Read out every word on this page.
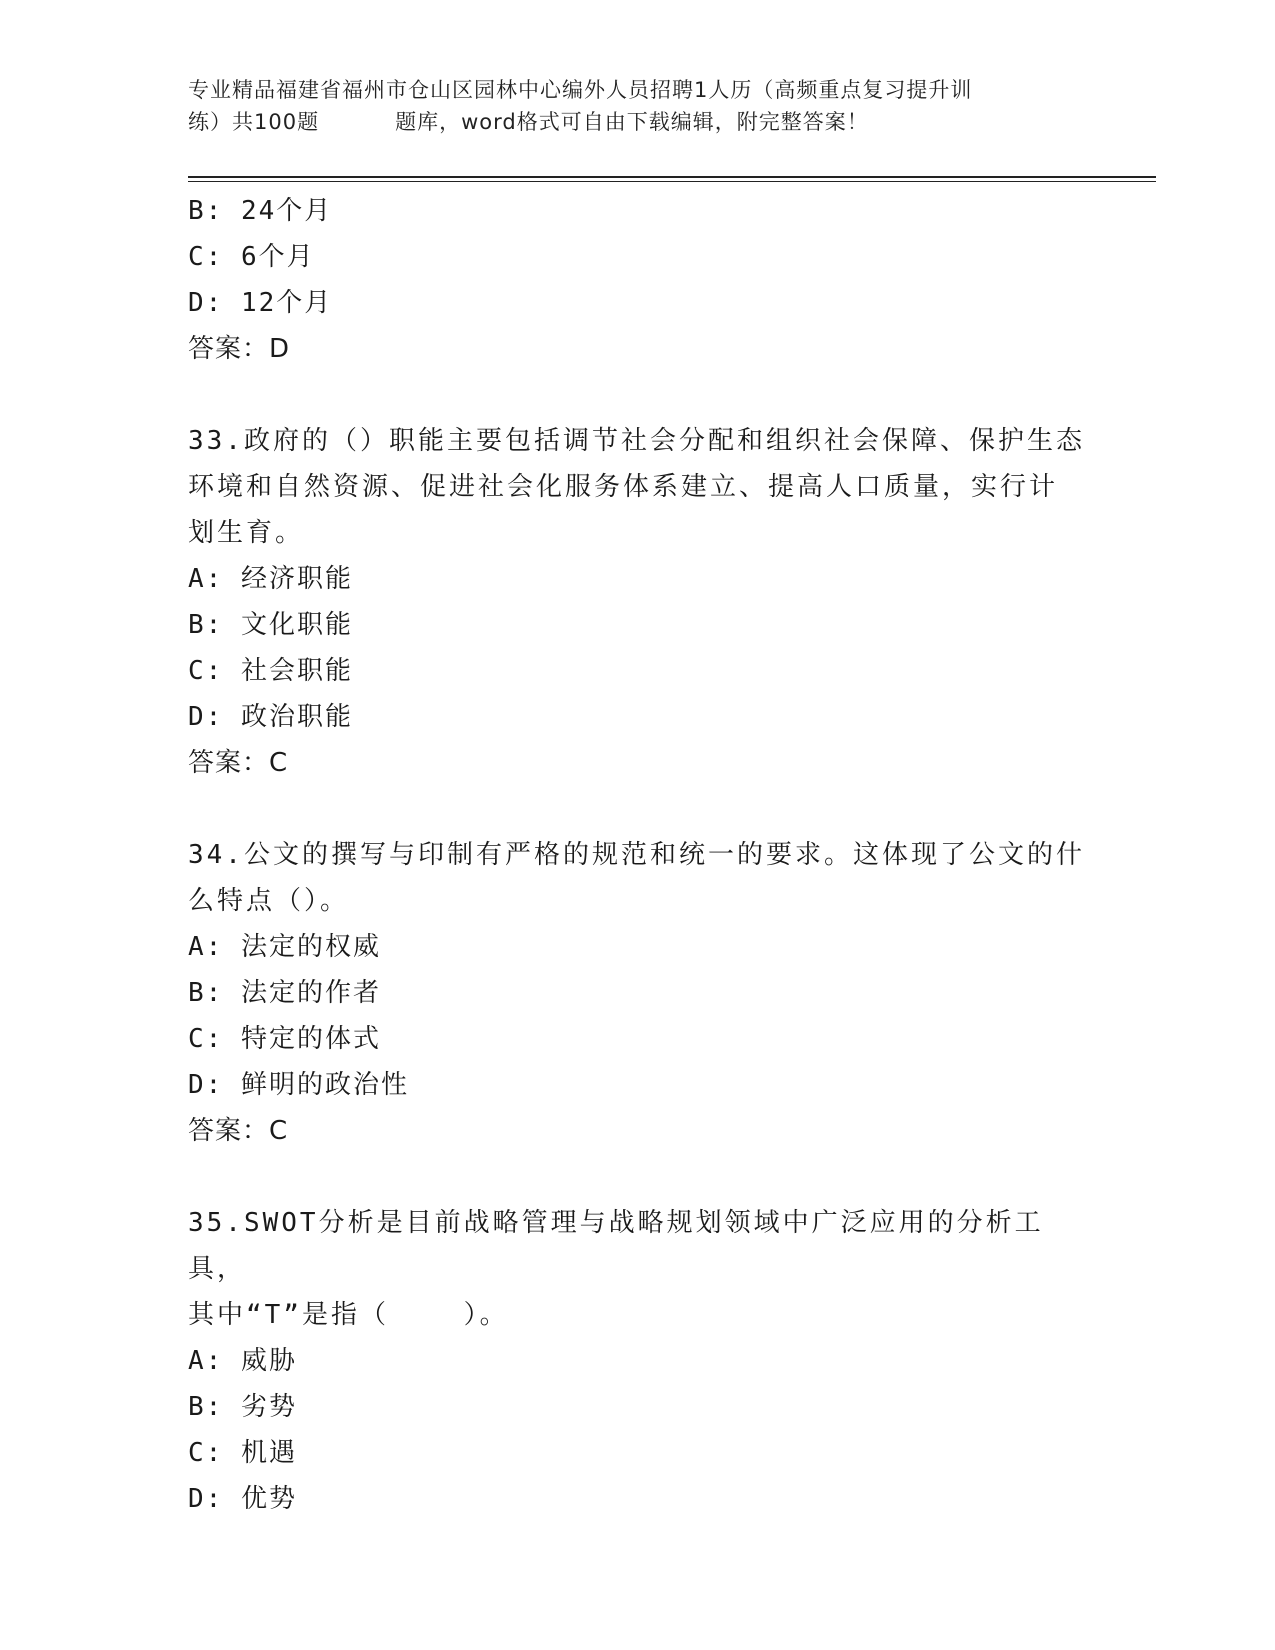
专业精品福建省福州市仓山区园林中心编外人员招聘1人历（高频重点复习提升训
练）共100题	题库，word格式可自由下载编辑，附完整答案！
B: 24个月
C: 6个月
D: 12个月
答案：D
33.政府的（）职能主要包括调节社会分配和组织社会保障、保护生态
环境和自然资源、促进社会化服务体系建立、提高人口质量，实行计
划生育。
A: 经济职能
B: 文化职能
C: 社会职能
D: 政治职能
答案：C
34.公文的撰写与印制有严格的规范和统一的要求。这体现了公文的什
么特点（）。
A: 法定的权威
B: 法定的作者
C: 特定的体式
D: 鲜明的政治性
答案：C
35.SWOT分析是目前战略管理与战略规划领域中广泛应用的分析工具，
其中“T”是指（    ）。
A: 威胁
B: 劣势
C: 机遇
D: 优势
